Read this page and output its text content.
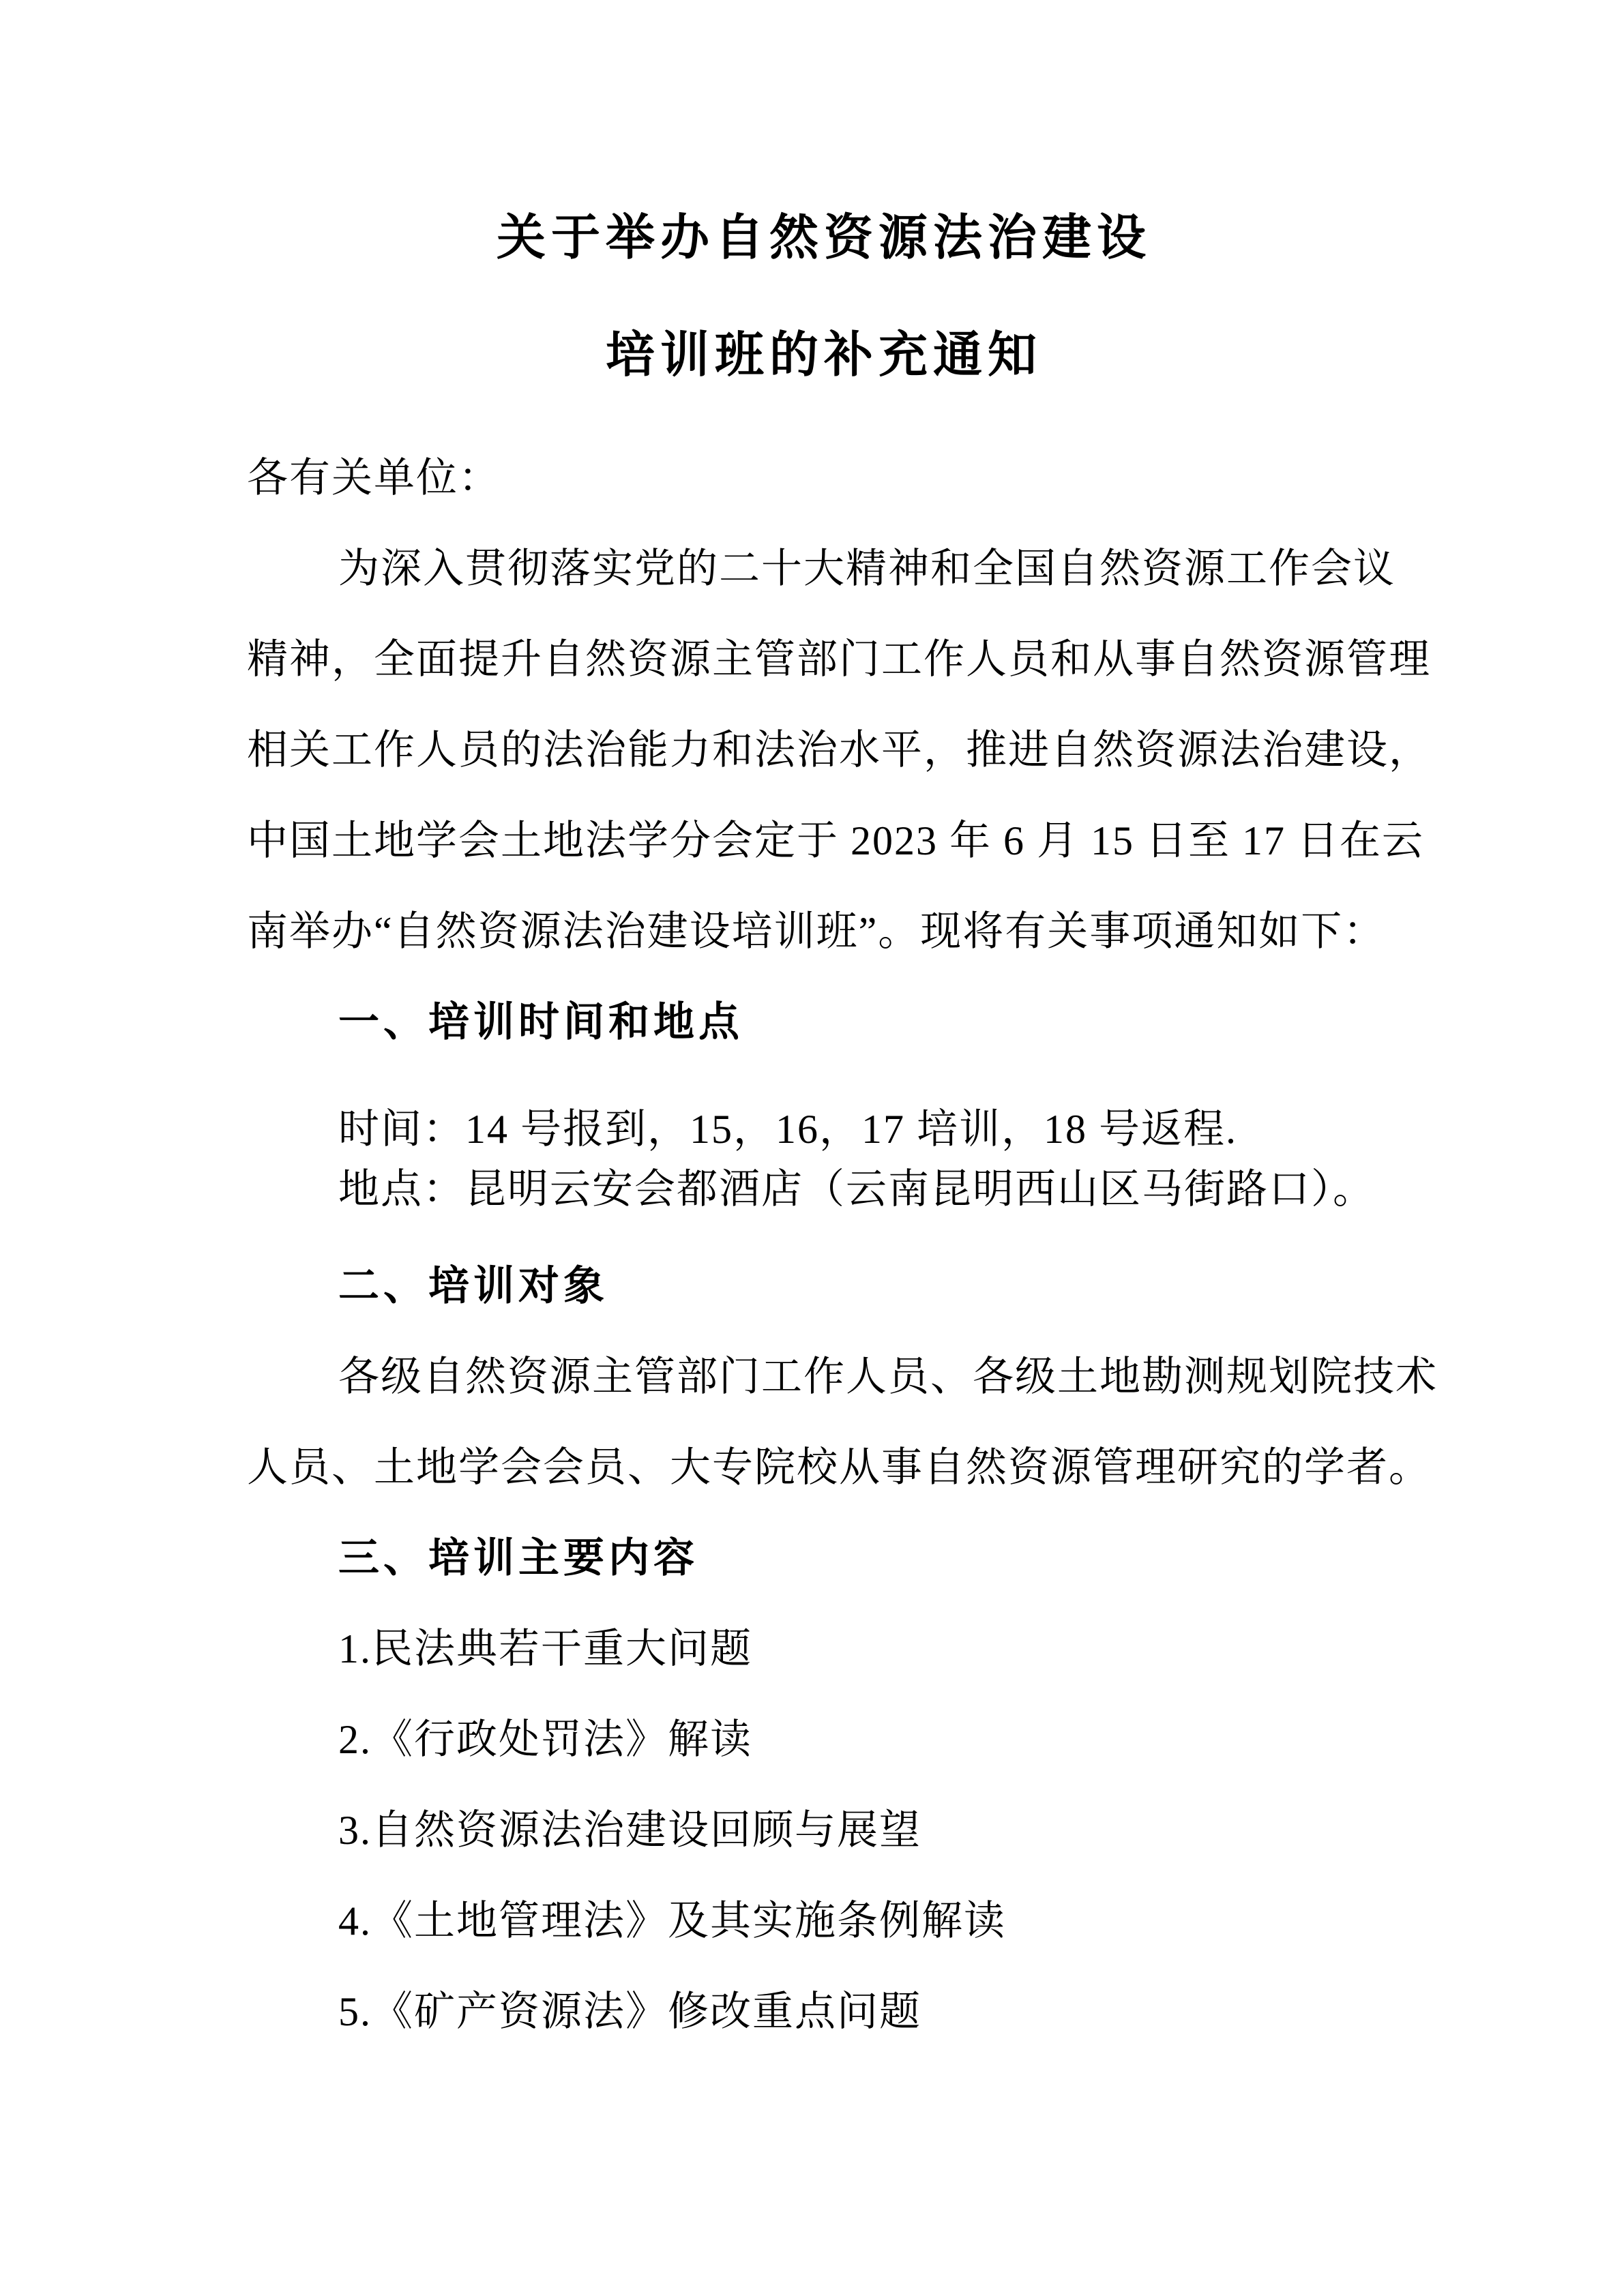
关于举办自然资源法治建设
培训班的补充通知
各有关单位：
为深入贯彻落实党的二十大精神和全国自然资源工作会议
精神，全面提升自然资源主管部门工作人员和从事自然资源管理
相关工作人员的法治能力和法治水平，推进自然资源法治建设，
中国土地学会土地法学分会定于 2023 年 6 月 15 日至 17 日在云
南举办“自然资源法治建设培训班”。现将有关事项通知如下：
一、培训时间和地点
时间：14 号报到，15，16，17 培训，18 号返程.
地点：昆明云安会都酒店（云南昆明西山区马街路口）。
二、培训对象
各级自然资源主管部门工作人员、各级土地勘测规划院技术
人员、土地学会会员、大专院校从事自然资源管理研究的学者。
三、培训主要内容
1.民法典若干重大问题
2.《行政处罚法》解读
3.自然资源法治建设回顾与展望
4.《土地管理法》及其实施条例解读
5.《矿产资源法》修改重点问题
